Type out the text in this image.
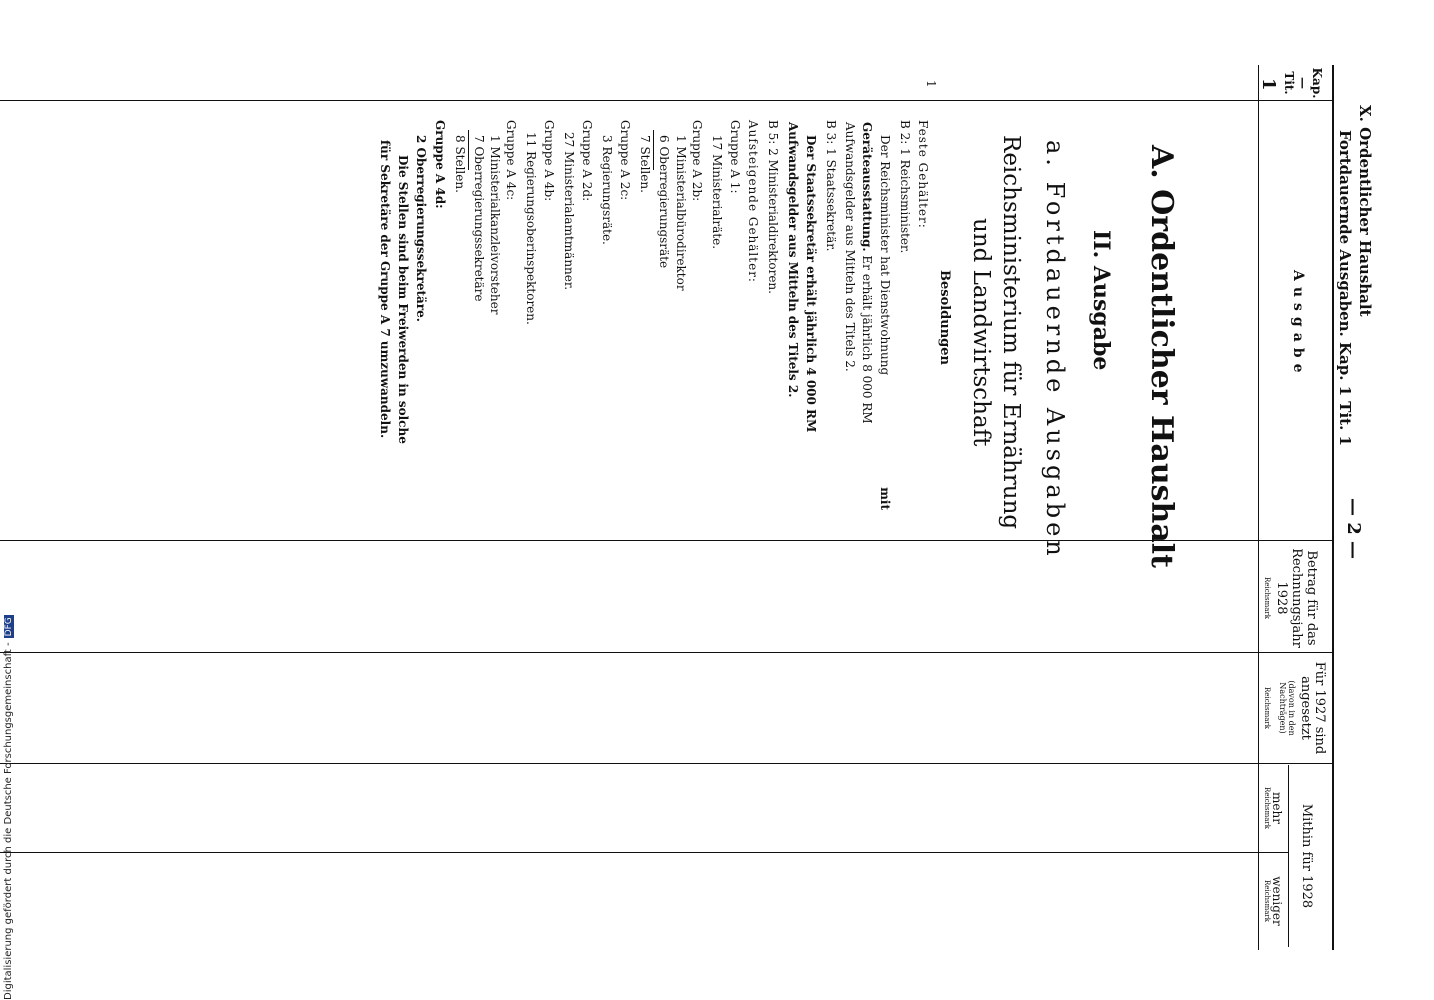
X. Ordentlicher Haushalt
Fortdauernde Ausgaben. Kap. 1 Tit. 1
— 2 —
Kap.
—
Tit.
Ausgabe
Betrag für das Rechnungsjahr 1928
Reichsmark
Für 1927 sind angesetzt
(davon in den Nachträgen)
Reichsmark
Mithin für 1928
mehr
Reichsmark
weniger
Reichsmark
1
1
A. Ordentlicher Haushalt
II. Ausgabe
a. Fortdauernde Ausgaben
Reichsministerium für Ernährung
und Landwirtschaft
Besoldungen
Feste Gehälter:
B 2: 1 Reichsminister.
Der Reichsminister hat Dienstwohnung
mit
Geräteausstattung. Er erhält jährlich 8 000 RM
Aufwandsgelder aus Mitteln des Titels 2.
B 3: 1 Staatssekretär.
Der Staatssekretär erhält jährlich 4 000 RM
Aufwandsgelder aus Mitteln des Titels 2.
B 5: 2 Ministerialdirektoren.
Aufsteigende Gehälter:
Gruppe A 1:
17 Ministerialräte.
Gruppe A 2b:
1 Ministerialbürodirektor
6 Oberregierungsräte
7 Stellen.
Gruppe A 2c:
3 Regierungsräte.
Gruppe A 2d:
27 Ministerialamtmänner.
Gruppe A 4b:
11 Regierungsoberinspektoren.
Gruppe A 4c:
1 Ministerialkanzleivorsteher
7 Oberregierungssekretäre
8 Stellen.
Gruppe A 4d:
2 Oberregierungssekretäre.
Die Stellen sind beim Freiwerden in solche
für Sekretäre der Gruppe A 7 umzuwandeln.
Digitalisierung gefördert durch die Deutsche Forschungsgemeinschaft -DFG
